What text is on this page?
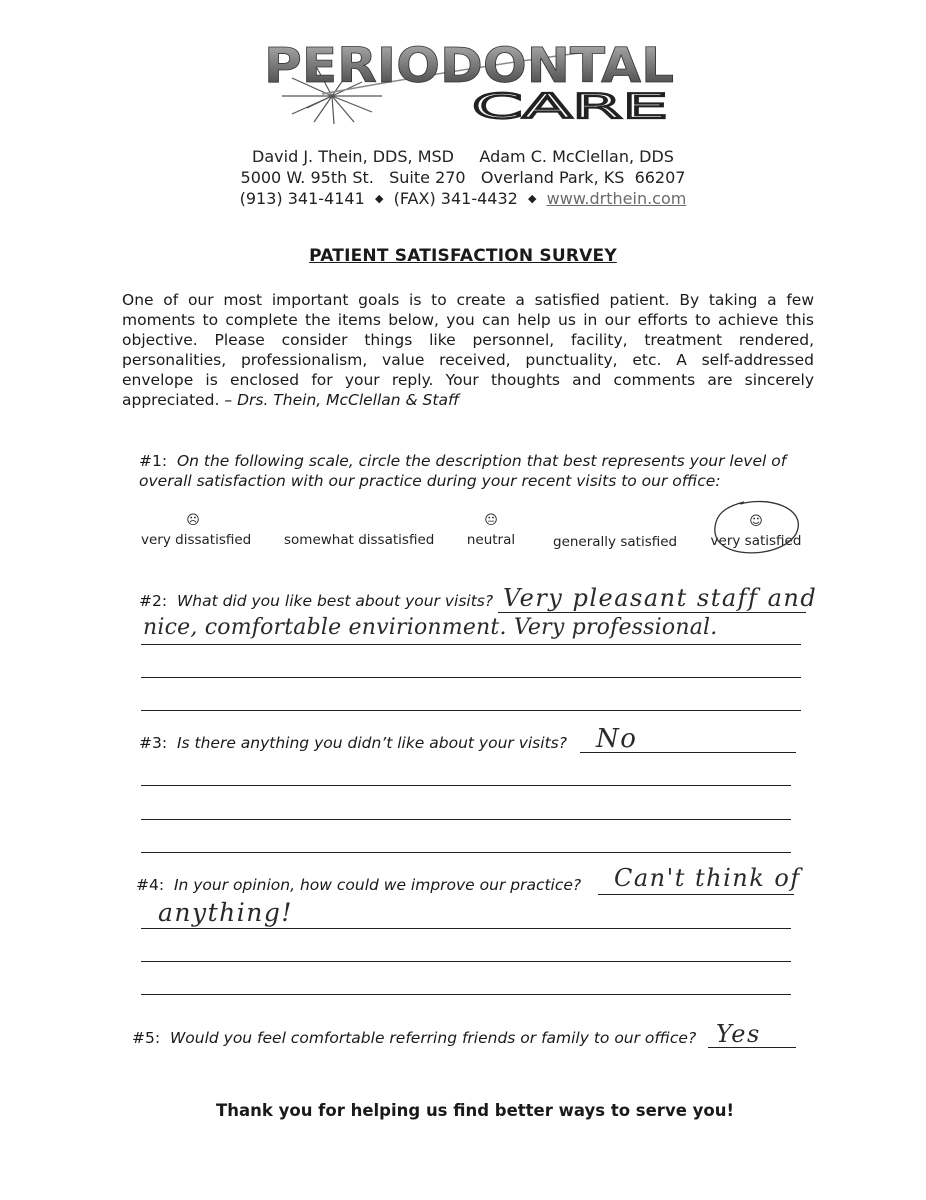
PERIODONTAL
CARE
David J. Thein, DDS, MSD Adam C. McClellan, DDS
5000 W. 95th St. Suite 270 Overland Park, KS  66207
(913) 341-4141 ◆ (FAX) 341-4432 ◆ www.drthein.com
PATIENT SATISFACTION SURVEY
One of our most important goals is to create a satisfied patient. By taking a few moments to complete the items below, you can help us in our efforts to achieve this objective. Please consider things like personnel, facility, treatment rendered, personalities, professionalism, value received, punctuality, etc. A self-addressed envelope is enclosed for your reply. Your thoughts and comments are sincerely appreciated. – Drs. Thein, McClellan & Staff
#1: On the following scale, circle the description that best represents your level of
overall satisfaction with our practice during your recent visits to our office:
☹
very dissatisfied somewhat dissatisfied
😐
neutral	generally satisfied
☺
very satisfied
#2: What did you like best about your visits? Very pleasant staff and
nice, comfortable envirionment. Very professional.
#3: Is there anything you didn’t like about your visits? No
#4: In your opinion, how could we improve our practice? Can't think of
anything!
#5: Would you feel comfortable referring friends or family to our office? Yes
Thank you for helping us find better ways to serve you!
